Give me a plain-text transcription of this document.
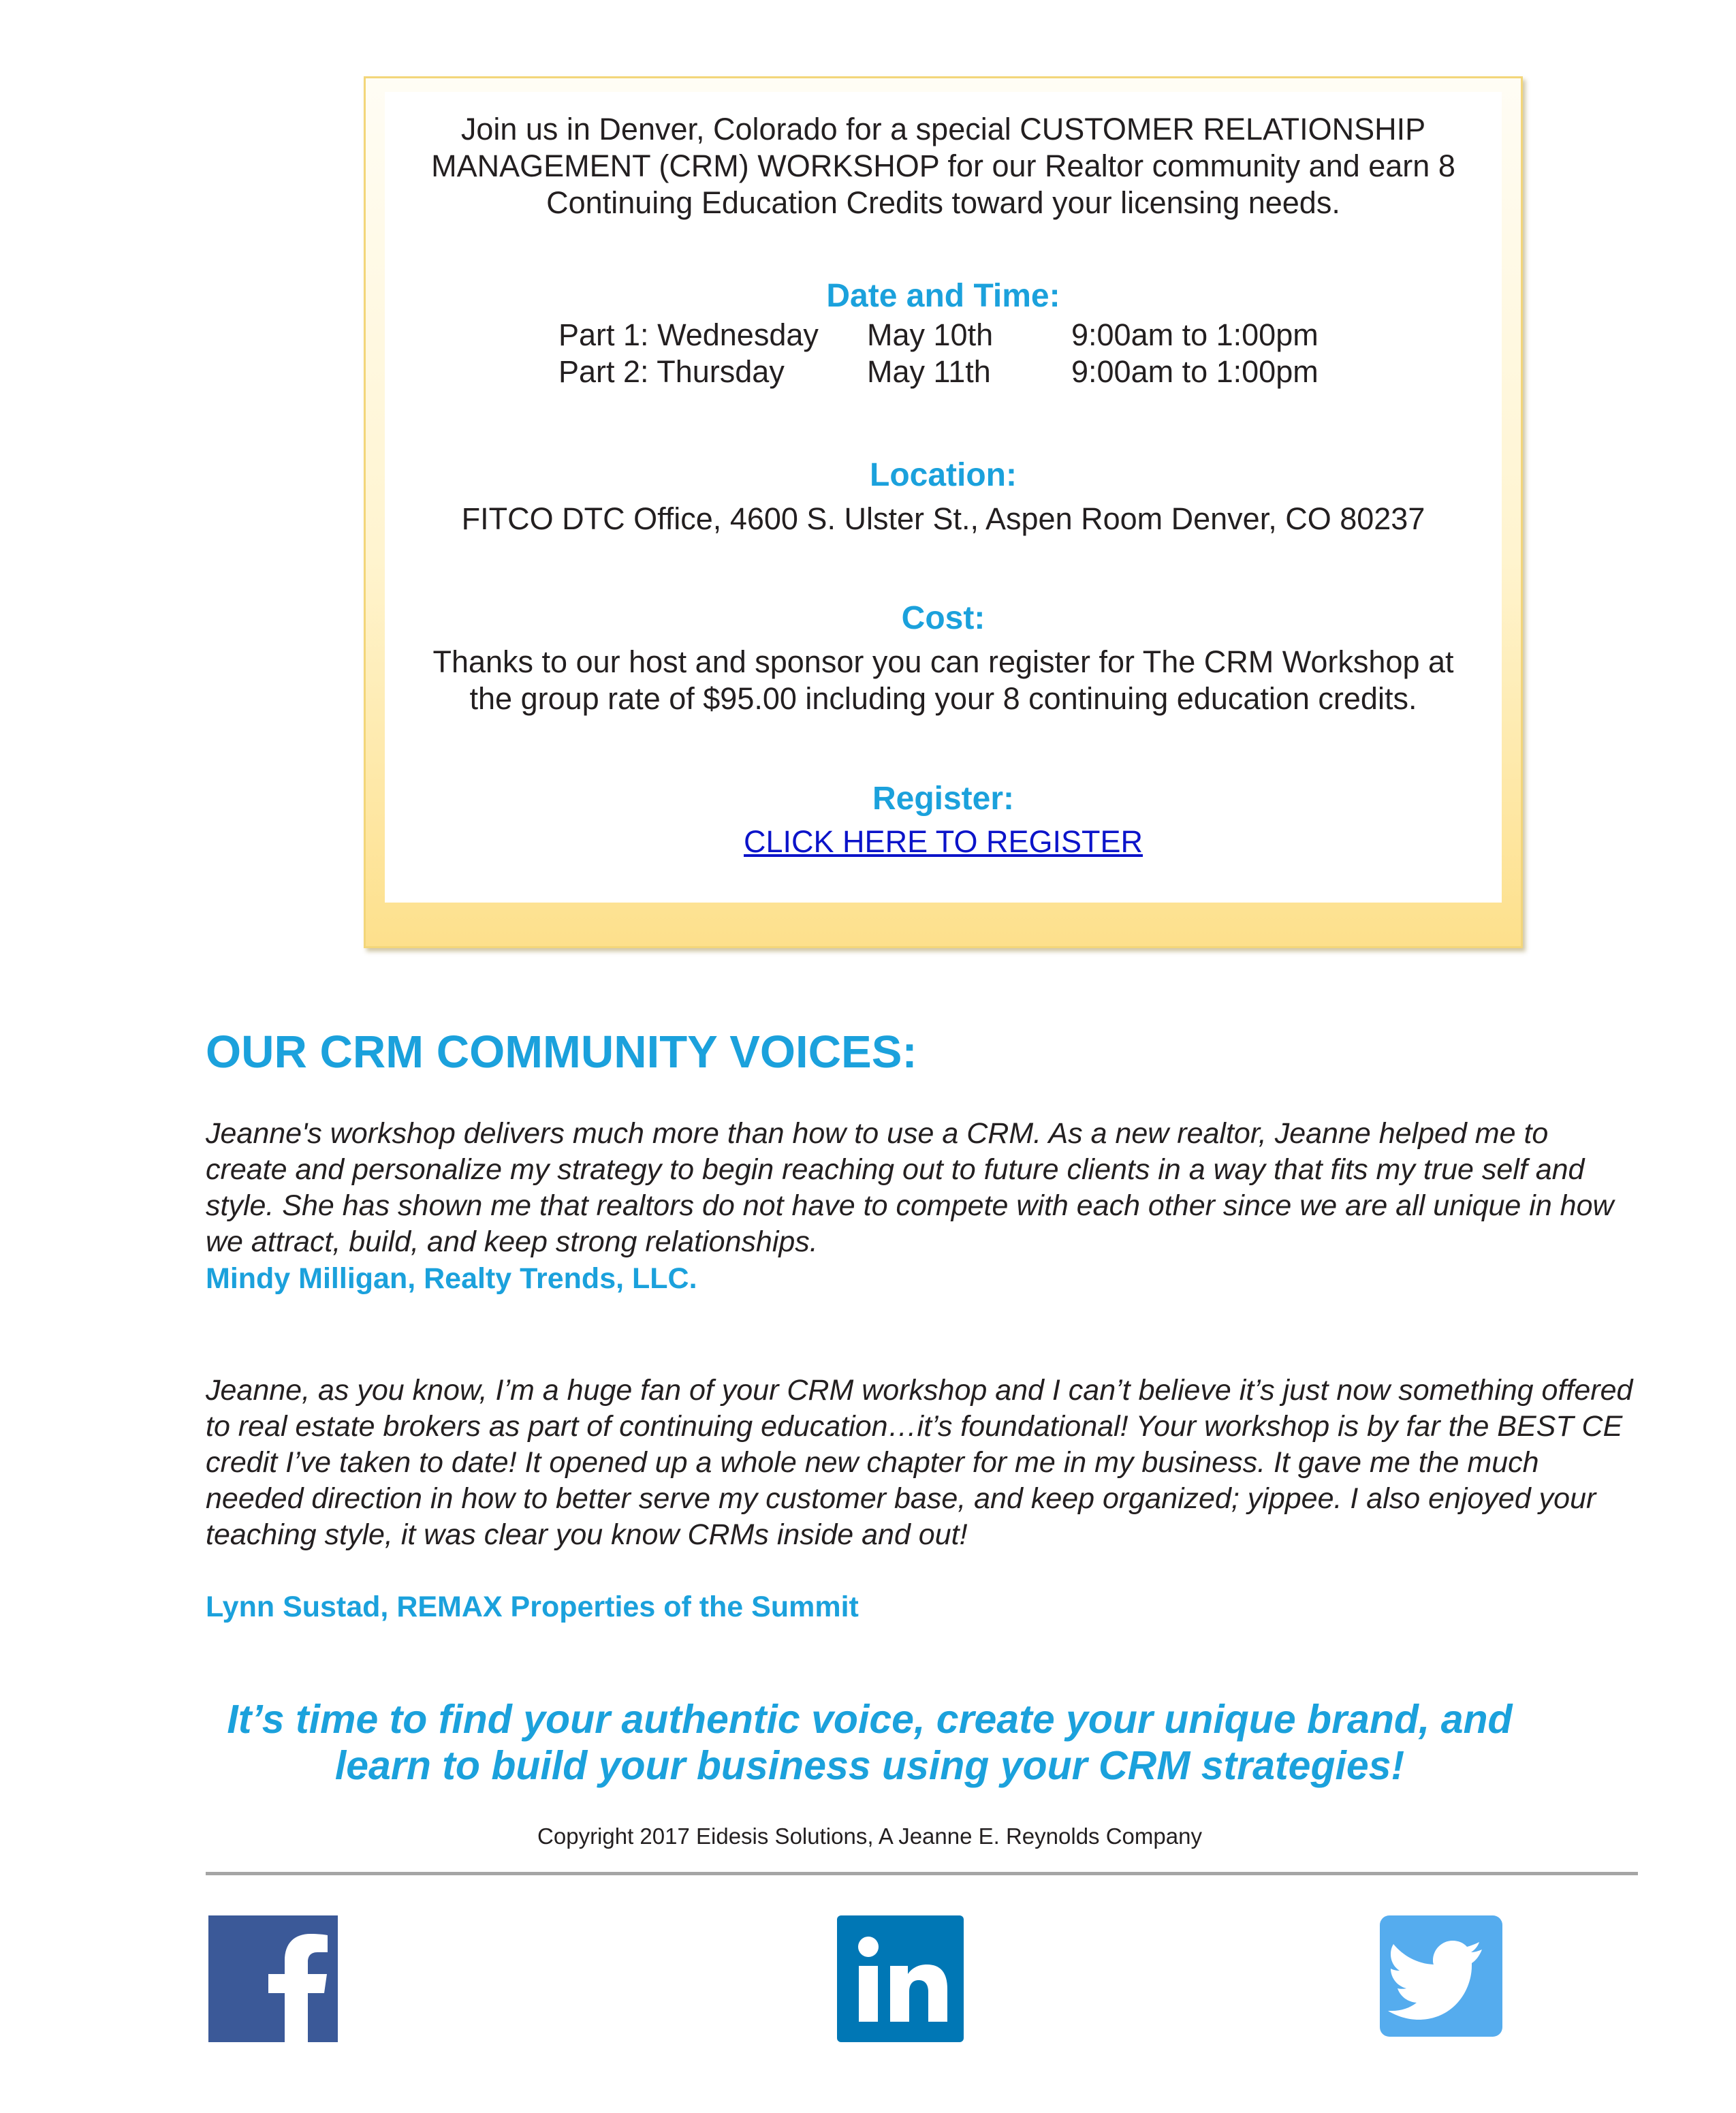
Join us in Denver, Colorado for a special CUSTOMER RELATIONSHIP MANAGEMENT (CRM) WORKSHOP for our Realtor community and earn 8 Continuing Education Credits toward your licensing needs.

Date and Time:

Part 1: Wednesday May 10th	9:00am to 1:00pm
Part 2: Thursday	May 11th	9:00am to 1:00pm

Location:

FITCO DTC Office, 4600 S. Ulster St., Aspen Room Denver, CO 80237

Cost:

Thanks to our host and sponsor you can register for The CRM Workshop at the group rate of $95.00 including your 8 continuing education credits.

Register:

CLICK HERE TO REGISTER
OUR CRM COMMUNITY VOICES:

Jeanne's workshop delivers much more than how to use a CRM. As a new realtor, Jeanne helped me to create and personalize my strategy to begin reaching out to future clients in a way that fits my true self and style. She has shown me that realtors do not have to compete with each other since we are all unique in how we attract, build, and keep strong relationships.

Mindy Milligan, Realty Trends, LLC.

Jeanne, as you know, I’m a huge fan of your CRM workshop and I can’t believe it’s just now something offered to real estate brokers as part of continuing education…it’s foundational! Your workshop is by far the BEST CE credit I’ve taken to date! It opened up a whole new chapter for me in my business. It gave me the much needed direction in how to better serve my customer base, and keep organized; yippee. I also enjoyed your teaching style, it was clear you know CRMs inside and out!

Lynn Sustad, REMAX Properties of the Summit

It’s time to find your authentic voice, create your unique brand, and learn to build your business using your CRM strategies!

Copyright 2017 Eidesis Solutions, A Jeanne E. Reynolds Company
